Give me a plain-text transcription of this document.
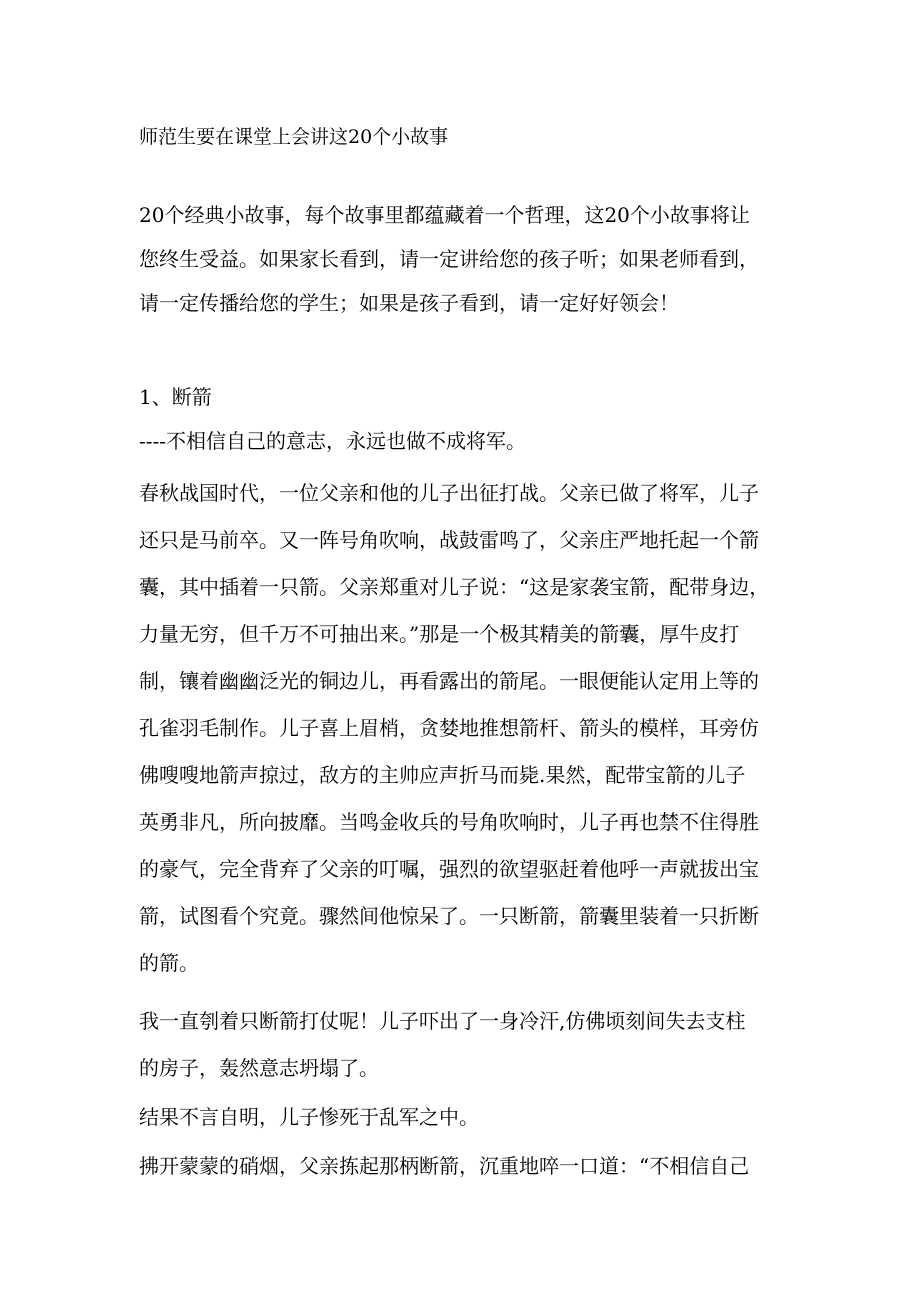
师范生要在课堂上会讲这20个小故事
20个经典小故事，每个故事里都蕴藏着一个哲理，这20个小故事将让
您终生受益。如果家长看到，请一定讲给您的孩子听；如果老师看到，
请一定传播给您的学生；如果是孩子看到，请一定好好领会！
1、断箭
----不相信自己的意志，永远也做不成将军。
春秋战国时代，一位父亲和他的儿子出征打战。父亲已做了将军，儿子
还只是马前卒。又一阵号角吹响，战鼓雷鸣了，父亲庄严地托起一个箭
囊，其中插着一只箭。父亲郑重对儿子说：“这是家袭宝箭，配带身边，
力量无穷，但千万不可抽出来。”那是一个极其精美的箭囊，厚牛皮打
制，镶着幽幽泛光的铜边儿，再看露出的箭尾。一眼便能认定用上等的
孔雀羽毛制作。儿子喜上眉梢，贪婪地推想箭杆、箭头的模样，耳旁仿
佛嗖嗖地箭声掠过，敌方的主帅应声折马而毙.果然，配带宝箭的儿子
英勇非凡，所向披靡。当鸣金收兵的号角吹响时，儿子再也禁不住得胜
的豪气，完全背弃了父亲的叮嘱，强烈的欲望驱赶着他呼一声就拔出宝
箭，试图看个究竟。骤然间他惊呆了。一只断箭，箭囊里装着一只折断
的箭。
我一直刳着只断箭打仗呢！儿子吓出了一身冷汗,仿佛顷刻间失去支柱
的房子，轰然意志坍塌了。
结果不言自明，儿子惨死于乱军之中。
拂开蒙蒙的硝烟，父亲拣起那柄断箭，沉重地啐一口道：“不相信自己
